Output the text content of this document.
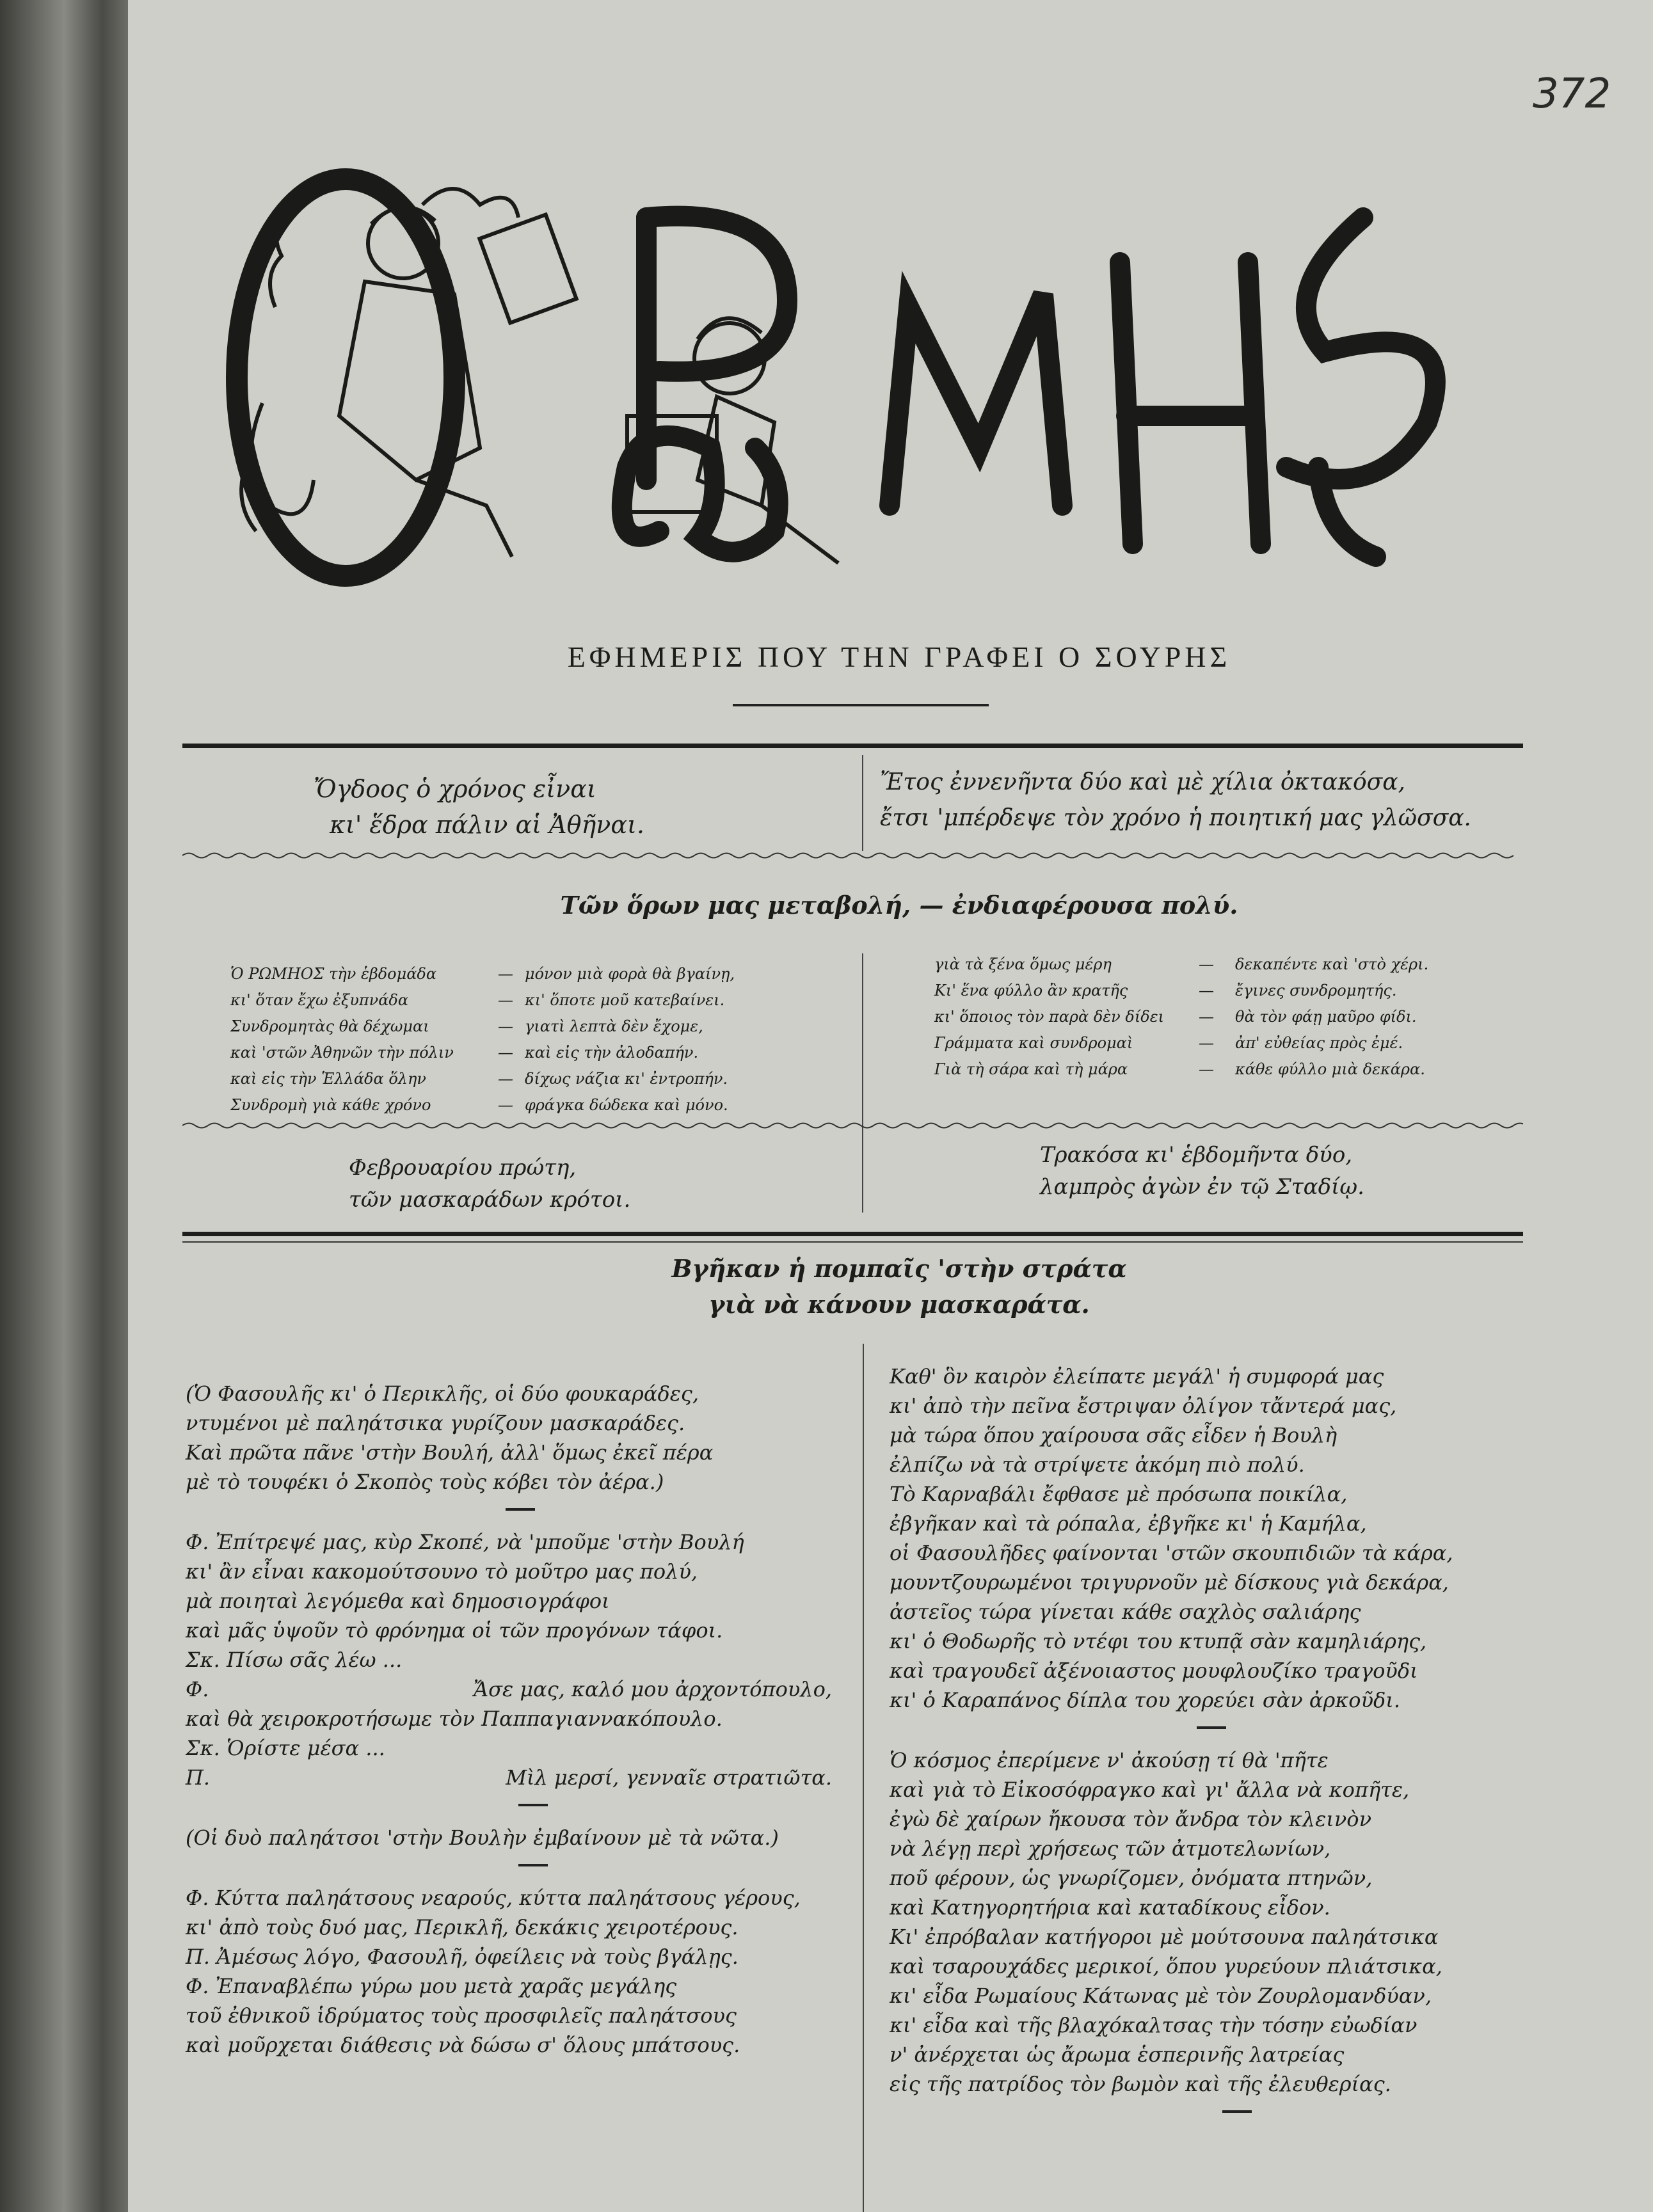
372
ΕΦΗΜΕΡΙΣ ΠΟΥ ΤΗΝ ΓΡΑΦΕΙ Ο ΣΟΥΡΗΣ
Ὄγδοος ὁ χρόνος εἶναι
κι' ἕδρα πάλιν αἱ Ἀθῆναι.
Ἔτος ἐννενῆντα δύο καὶ μὲ χίλια ὀκτακόσα,
ἔτσι 'μπέρδεψε τὸν χρόνο ἡ ποιητική μας γλῶσσα.
Τῶν ὅρων μας μεταβολή, — ἐνδιαφέρουσα πολύ.
Ὁ ΡΩΜΗΟΣ τὴν ἑβδομάδα	— μόνον μιὰ φορὰ θὰ βγαίνῃ,
κι' ὅταν ἔχω ἐξυπνάδα	— κι' ὅποτε μοῦ κατεβαίνει.
Συνδρομητὰς θὰ δέχωμαι	— γιατὶ λεπτὰ δὲν ἔχομε,
καὶ 'στῶν Ἀθηνῶν τὴν πόλιν	— καὶ εἰς τὴν ἀλοδαπήν.
καὶ εἰς τὴν Ἑλλάδα ὅλην	— δίχως νάζια κι' ἐντροπήν.
Συνδρομὴ γιὰ κάθε χρόνο	— φράγκα δώδεκα καὶ μόνο.
γιὰ τὰ ξένα ὅμως μέρη	—	δεκαπέντε καὶ 'στὸ χέρι.
Κι' ἕνα φύλλο ἂν κρατῆς	—	ἔγινες συνδρομητής.
κι' ὅποιος τὸν παρὰ δὲν δίδει	—	θὰ τὸν φάῃ μαῦρο φίδι.
Γράμματα καὶ συνδρομαὶ	—	ἀπ' εὐθείας πρὸς ἐμέ.
Γιὰ τὴ σάρα καὶ τὴ μάρα	—	κάθε φύλλο μιὰ δεκάρα.
Φεβρουαρίου πρώτη,
τῶν μασκαράδων κρότοι.
Τρακόσα κι' ἑβδομῆντα δύο,
λαμπρὸς ἀγὼν ἐν τῷ Σταδίῳ.
Βγῆκαν ἡ πομπαῖς 'στὴν στράτα
γιὰ νὰ κάνουν μασκαράτα.

(Ὁ Φασουλῆς κι' ὁ Περικλῆς, οἱ δύο φουκαράδες,

ντυμένοι μὲ παληάτσικα γυρίζουν μασκαράδες.

Καὶ πρῶτα πᾶνε 'στὴν Βουλή, ἀλλ' ὅμως ἐκεῖ πέρα

μὲ τὸ τουφέκι ὁ Σκοπὸς τοὺς κόβει τὸν ἀέρα.)

Φ. Ἐπίτρεψέ μας, κὺρ Σκοπέ, νὰ 'μποῦμε 'στὴν Βουλή

κι' ἂν εἶναι κακομούτσουνο τὸ μοῦτρο μας πολύ,

μὰ ποιηταὶ λεγόμεθα καὶ δημοσιογράφοι

καὶ μᾶς ὑψοῦν τὸ φρόνημα οἱ τῶν προγόνων τάφοι.

Σκ. Πίσω σᾶς λέω ...

Φ.	Ἄσε μας, καλό μου ἀρχοντόπουλο,

καὶ θὰ χειροκροτήσωμε τὸν Παππαγιαννακόπουλο.

Σκ. Ὁρίστε μέσα ...

Π.	Μὶλ μερσί, γενναῖε στρατιῶτα.

(Οἱ δυὸ παληάτσοι 'στὴν Βουλὴν ἐμβαίνουν μὲ τὰ νῶτα.)

Φ. Κύττα παληάτσους νεαρούς, κύττα παληάτσους γέρους,

κι' ἀπὸ τοὺς δυό μας, Περικλῆ, δεκάκις χειροτέρους.

Π. Ἀμέσως λόγο, Φασουλῆ, ὀφείλεις νὰ τοὺς βγάλῃς.

Φ. Ἐπαναβλέπω γύρω μου μετὰ χαρᾶς μεγάλης

τοῦ ἐθνικοῦ ἱδρύματος τοὺς προσφιλεῖς παληάτσους

καὶ μοῦρχεται διάθεσις νὰ δώσω σ' ὅλους μπάτσους.

Καθ' ὃν καιρὸν ἐλείπατε μεγάλ' ἡ συμφορά μας

κι' ἀπὸ τὴν πεῖνα ἔστριψαν ὀλίγον τἄντερά μας,

μὰ τώρα ὅπου χαίρουσα σᾶς εἶδεν ἡ Βουλὴ

ἐλπίζω νὰ τὰ στρίψετε ἀκόμη πιὸ πολύ.

Τὸ Καρναβάλι ἔφθασε μὲ πρόσωπα ποικίλα,

ἐβγῆκαν καὶ τὰ ρόπαλα, ἐβγῆκε κι' ἡ Καμήλα,

οἱ Φασουλῆδες φαίνονται 'στῶν σκουπιδιῶν τὰ κάρα,

μουντζουρωμένοι τριγυρνοῦν μὲ δίσκους γιὰ δεκάρα,

ἀστεῖος τώρα γίνεται κάθε σαχλὸς σαλιάρης

κι' ὁ Θοδωρῆς τὸ ντέφι του κτυπᾷ σὰν καμηλιάρης,

καὶ τραγουδεῖ ἀξένοιαστος μουφλουζίκο τραγοῦδι

κι' ὁ Καραπάνος δίπλα του χορεύει σὰν ἀρκοῦδι.

Ὁ κόσμος ἐπερίμενε ν' ἀκούσῃ τί θὰ 'πῆτε

καὶ γιὰ τὸ Εἰκοσόφραγκο καὶ γι' ἄλλα νὰ κοπῆτε,

ἐγὼ δὲ χαίρων ἤκουσα τὸν ἄνδρα τὸν κλεινὸν

νὰ λέγῃ περὶ χρήσεως τῶν ἀτμοτελωνίων,

ποῦ φέρουν, ὡς γνωρίζομεν, ὀνόματα πτηνῶν,

καὶ Κατηγορητήρια καὶ καταδίκους εἶδον.

Κι' ἐπρόβαλαν κατήγοροι μὲ μούτσουνα παληάτσικα

καὶ τσαρουχάδες μερικοί, ὅπου γυρεύουν πλιάτσικα,

κι' εἶδα Ρωμαίους Κάτωνας μὲ τὸν Ζουρλομανδύαν,

κι' εἶδα καὶ τῆς βλαχόκαλτσας τὴν τόσην εὐωδίαν

ν' ἀνέρχεται ὡς ἄρωμα ἑσπερινῆς λατρείας

εἰς τῆς πατρίδος τὸν βωμὸν καὶ τῆς ἐλευθερίας.
